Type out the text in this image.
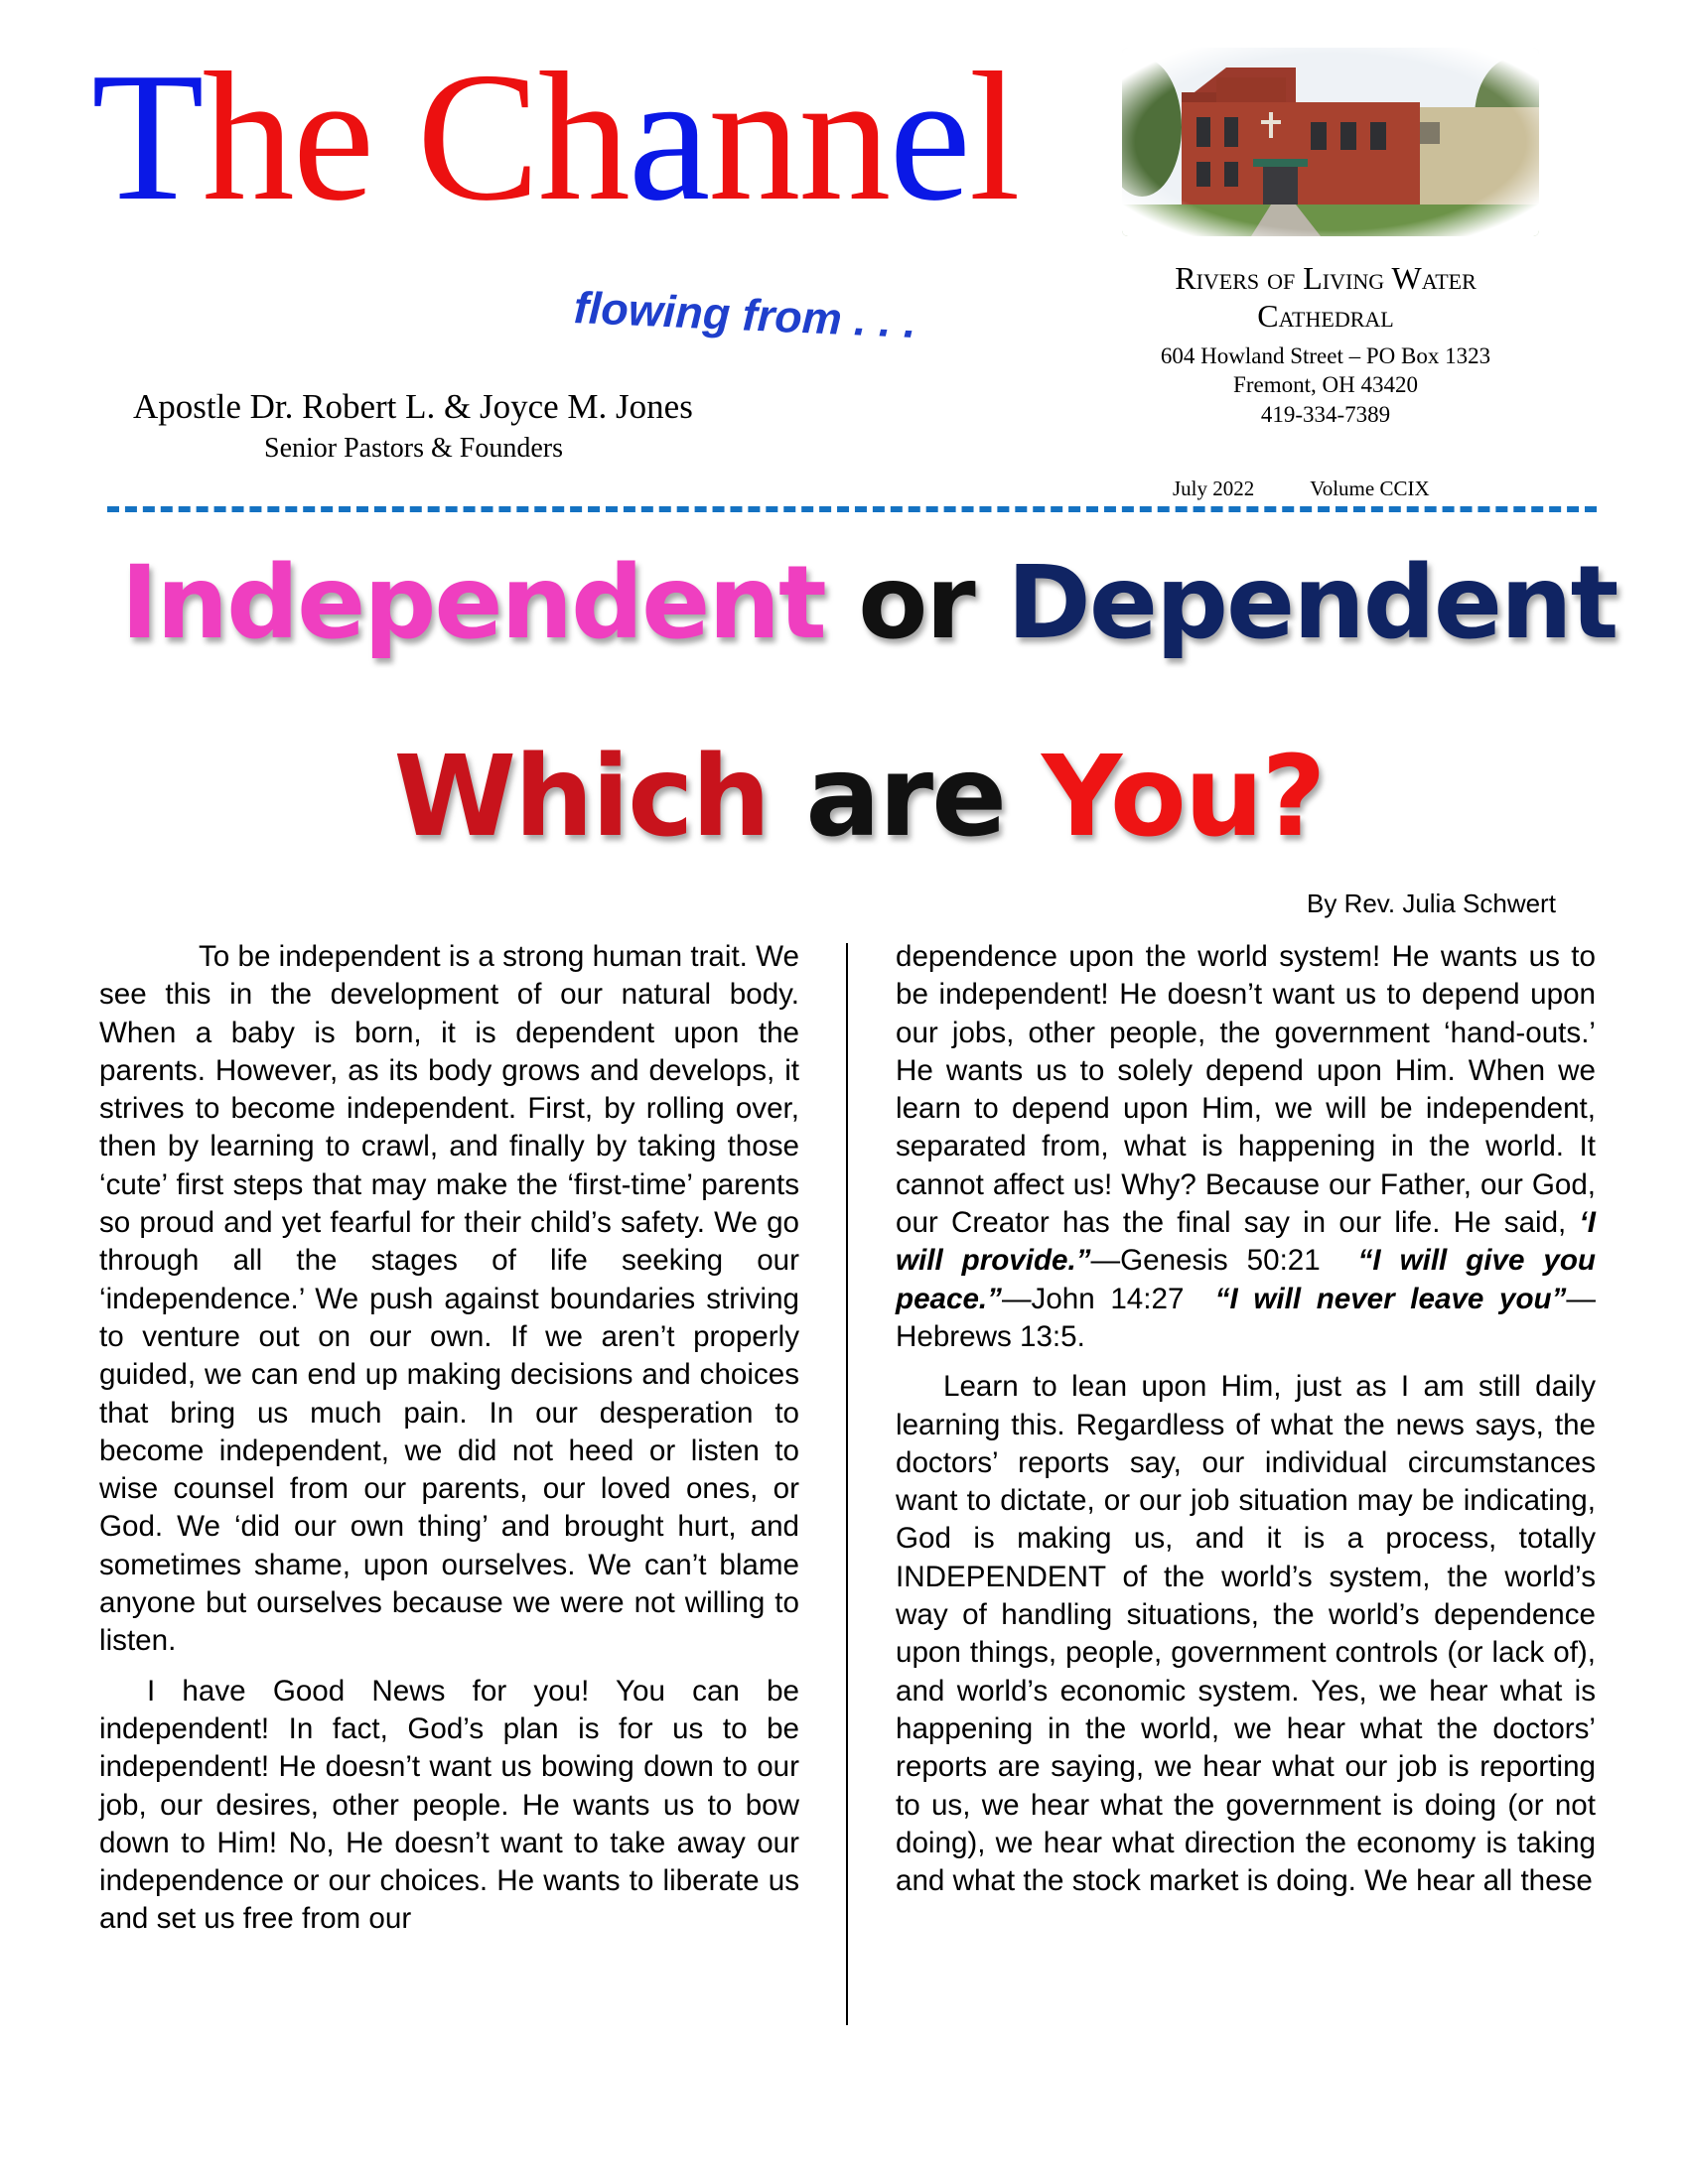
The Channel
flowing from . . .
Apostle Dr. Robert L. & Joyce M. Jones
Senior Pastors & Founders
Rivers of Living Water
Cathedral
604 Howland Street – PO Box 1323
Fremont, OH 43420
419-334-7389
July 2022	Volume CCIX
Independent or Dependent
Which are You?
By Rev. Julia Schwert

To be independent is a strong human trait. We see this in the development of our natural body. When a baby is born, it is dependent upon the parents. However, as its body grows and develops, it strives to become independent. First, by rolling over, then by learning to crawl, and finally by taking those ‘cute’ first steps that may make the ‘first-time’ parents so proud and yet fearful for their child’s safety. We go through all the stages of life seeking our ‘independence.’ We push against boundaries striving to venture out on our own. If we aren’t properly guided, we can end up making decisions and choices that bring us much pain. In our desperation to become independent, we did not heed or listen to wise counsel from our parents, our loved ones, or God. We ‘did our own thing’ and brought hurt, and sometimes shame, upon ourselves. We can’t blame anyone but ourselves because we were not willing to listen.

I have Good News for you! You can be independent! In fact, God’s plan is for us to be independent! He doesn’t want us bowing down to our job, our desires, other people. He wants us to bow down to Him! No, He doesn’t want to take away our independence or our choices. He wants to liberate us and set us free from our

dependence upon the world system! He wants us to be independent! He doesn’t want us to depend upon our jobs, other people, the government ‘hand-outs.’ He wants us to solely depend upon Him. When we learn to depend upon Him, we will be independent, separated from, what is happening in the world. It cannot affect us! Why? Because our Father, our God, our Creator has the final say in our life. He said, ‘I will provide.”—Genesis 50:21 “I will give you peace.”—John 14:27 “I will never leave you”—Hebrews 13:5.

Learn to lean upon Him, just as I am still daily learning this. Regardless of what the news says, the doctors’ reports say, our individual circumstances want to dictate, or our job situation may be indicating, God is making us, and it is a process, totally INDEPENDENT of the world’s system, the world’s way of handling situations, the world’s dependence upon things, people, government controls (or lack of), and world’s economic system. Yes, we hear what is happening in the world, we hear what the doctors’ reports are saying, we hear what our job is reporting to us, we hear what the government is doing (or not doing), we hear what direction the economy is taking and what the stock market is doing. We hear all these
